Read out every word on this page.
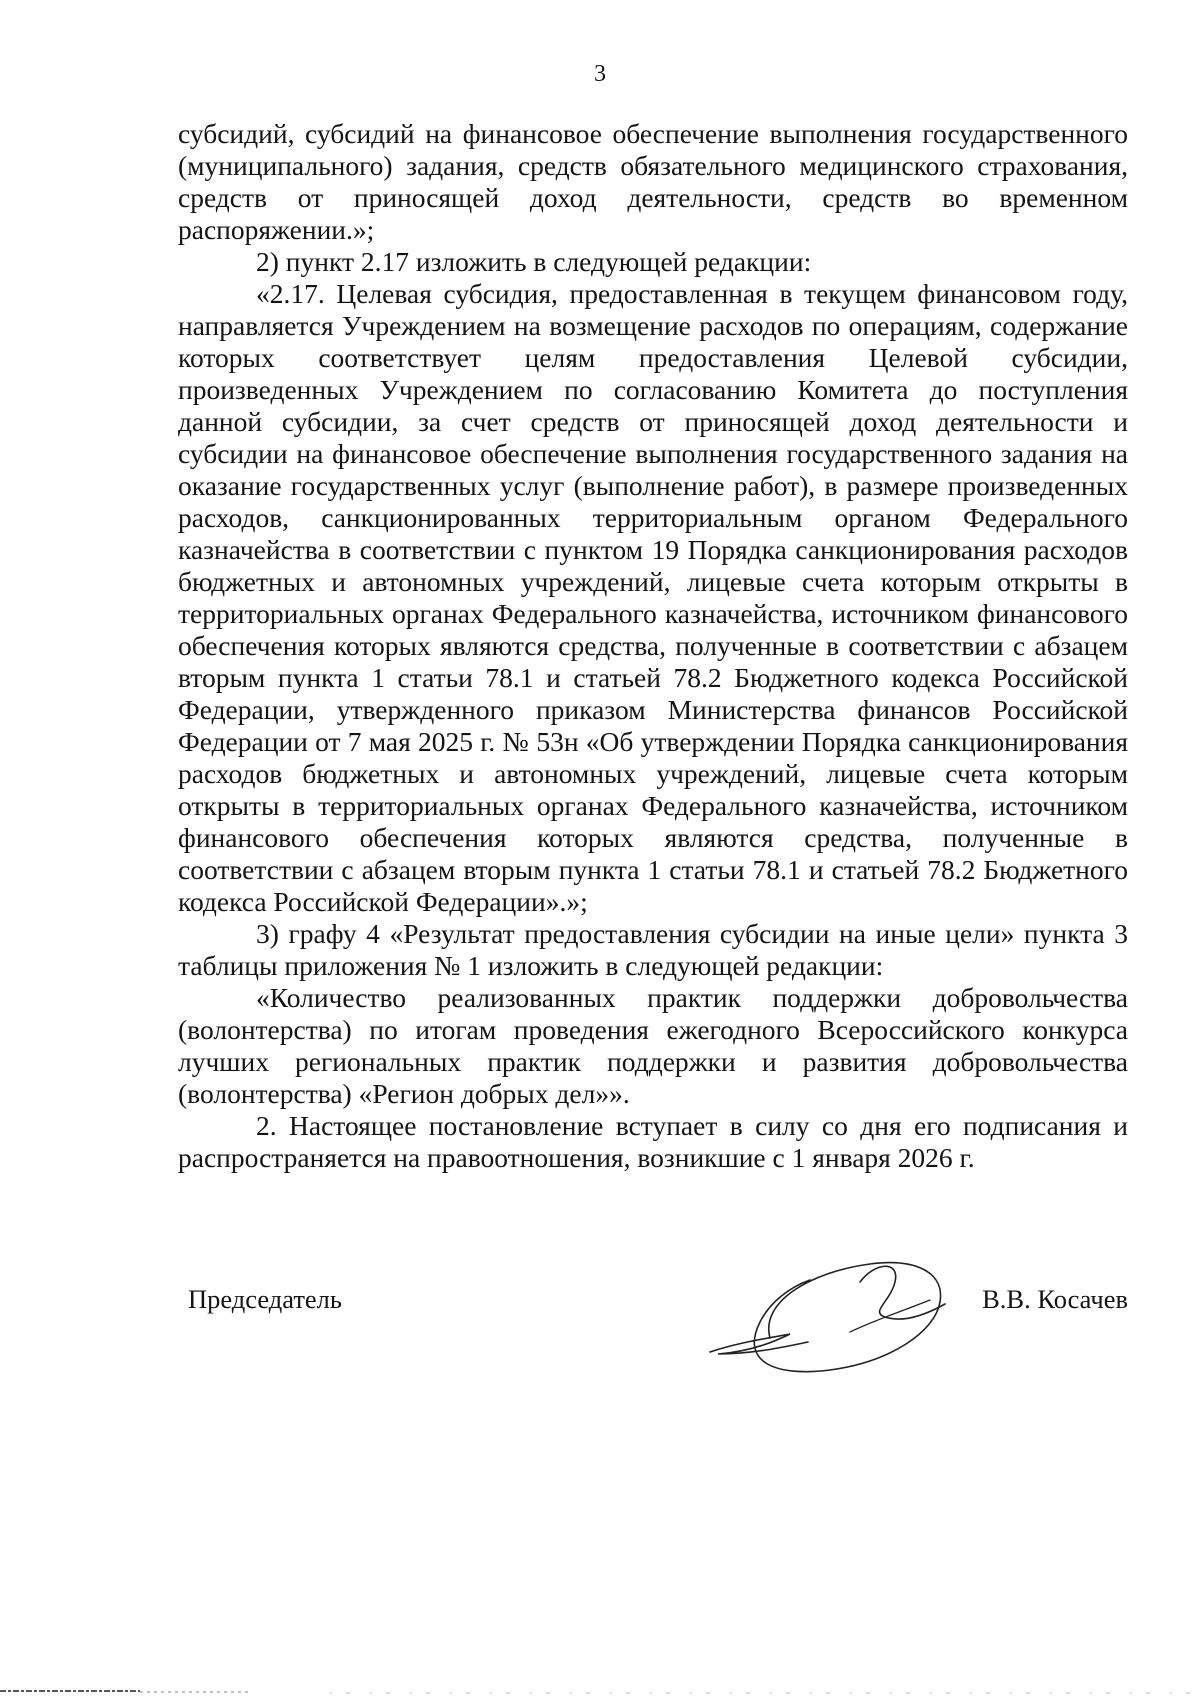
3

субсидий, субсидий на финансовое обеспечение выполнения государственного (муниципального) задания, средств обязательного медицинского страхования, средств от приносящей доход деятельности, средств во временном распоряжении.»;

2) пункт 2.17 изложить в следующей редакции:

«2.17. Целевая субсидия, предоставленная в текущем финансовом году, направляется Учреждением на возмещение расходов по операциям, содержание которых соответствует целям предоставления Целевой субсидии, произведенных Учреждением по согласованию Комитета до поступления данной субсидии, за счет средств от приносящей доход деятельности и субсидии на финансовое обеспечение выполнения государственного задания на оказание государственных услуг (выполнение работ), в размере произведенных расходов, санкционированных территориальным органом Федерального казначейства в соответствии с пунктом 19 Порядка санкционирования расходов бюджетных и автономных учреждений, лицевые счета которым открыты в территориальных органах Федерального казначейства, источником финансового обеспечения которых являются средства, полученные в соответствии с абзацем вторым пункта 1 статьи 78.1 и статьей 78.2 Бюджетного кодекса Российской Федерации, утвержденного приказом Министерства финансов Российской Федерации от 7 мая 2025 г. № 53н «Об утверждении Порядка санкционирования расходов бюджетных и автономных учреждений, лицевые счета которым открыты в территориальных органах Федерального казначейства, источником финансового обеспечения которых являются средства, полученные в соответствии с абзацем вторым пункта 1 статьи 78.1 и статьей 78.2 Бюджетного кодекса Российской Федерации».»;

3) графу 4 «Результат предоставления субсидии на иные цели» пункта 3 таблицы приложения № 1 изложить в следующей редакции:

«Количество реализованных практик поддержки добровольчества (волонтерства) по итогам проведения ежегодного Всероссийского конкурса лучших региональных практик поддержки и развития добровольчества (волонтерства) «Регион добрых дел»».

2. Настоящее постановление вступает в силу со дня его подписания и распространяется на правоотношения, возникшие с 1 января 2026 г.

Председатель	В.В. Косачев
